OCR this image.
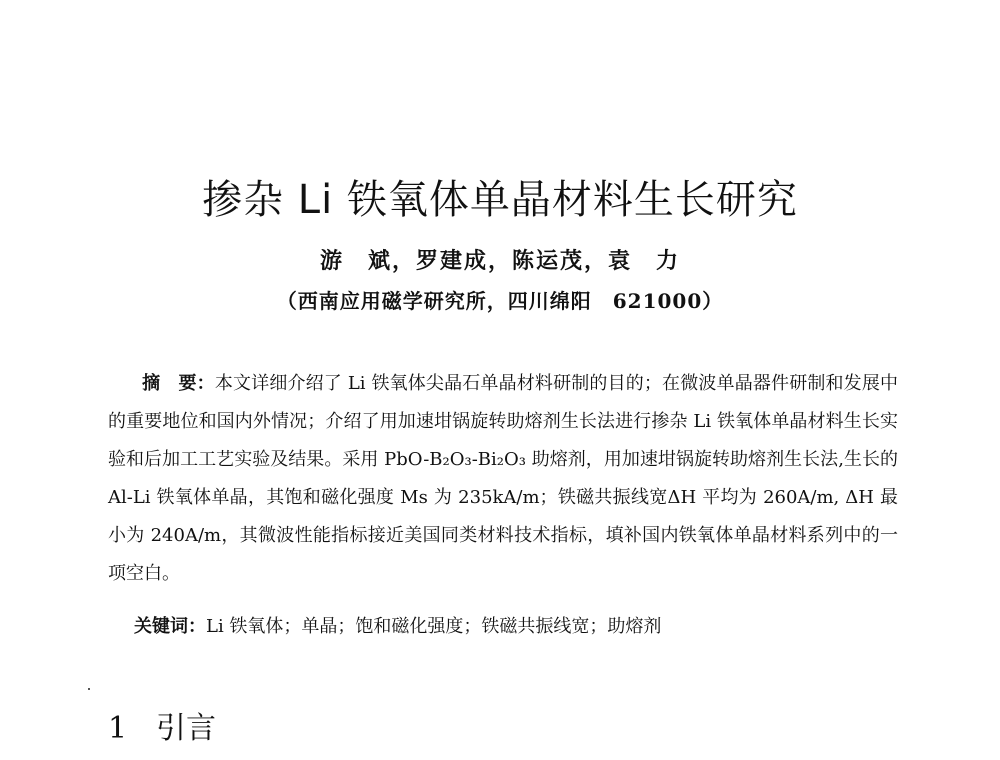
掺杂 Li 铁氧体单晶材料生长研究
游　斌，罗建成，陈运茂，袁　力
（西南应用磁学研究所，四川绵阳　621000）
摘　要：本文详细介绍了 Li 铁氧体尖晶石单晶材料研制的目的；在微波单晶器件研制和发展中的重要地位和国内外情况；介绍了用加速坩锅旋转助熔剂生长法进行掺杂 Li 铁氧体单晶材料生长实验和后加工工艺实验及结果。采用 PbO-B₂O₃-Bi₂O₃ 助熔剂，用加速坩锅旋转助熔剂生长法,生长的 Al-Li 铁氧体单晶，其饱和磁化强度 Ms 为 235kA/m；铁磁共振线宽ΔH 平均为 260A/m, ΔH 最小为 240A/m，其微波性能指标接近美国同类材料技术指标，填补国内铁氧体单晶材料系列中的一项空白。
关键词：Li 铁氧体；单晶；饱和磁化强度；铁磁共振线宽；助熔剂
1 引言
